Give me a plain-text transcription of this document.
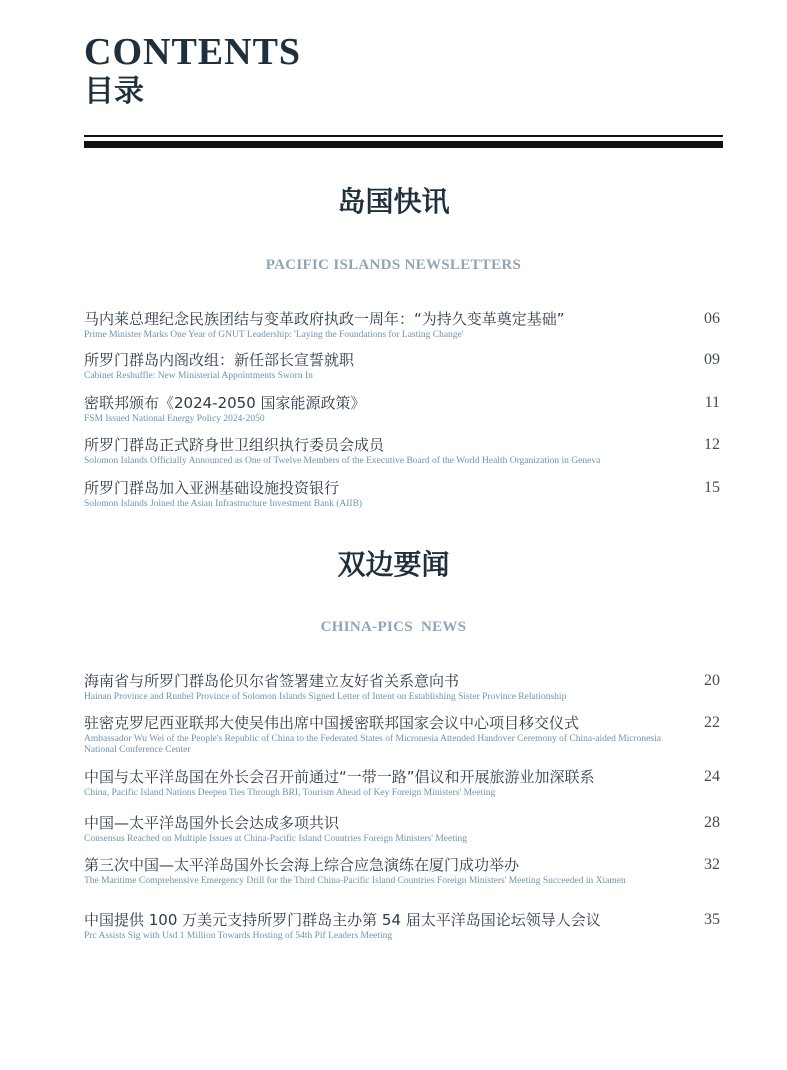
CONTENTS
目录
岛国快讯
PACIFIC ISLANDS NEWSLETTERS
马内莱总理纪念民族团结与变革政府执政一周年：“为持久变革奠定基础”
Prime Minister Marks One Year of GNUT Leadership: 'Laying the Foundations for Lasting Change'
06
所罗门群岛内阁改组：新任部长宣誓就职
Cabinet Reshuffle: New Ministerial Appointments Sworn In
09
密联邦颁布《2024-2050 国家能源政策》
FSM Issued National Energy Policy 2024-2050
11
所罗门群岛正式跻身世卫组织执行委员会成员
Solomon Islands Officially Announced as One of Twelve Members of the Executive Board of the World Health Organization in Geneva
12
所罗门群岛加入亚洲基础设施投资银行
Solomon Islands Joined the Asian Infrastructure Investment Bank (AIIB)
15
双边要闻
CHINA-PICS  NEWS
海南省与所罗门群岛伦贝尔省签署建立友好省关系意向书
Hainan Province and Runbel Province of Solomon Islands Signed Letter of Intent on Establishing Sister Province Relationship
20
驻密克罗尼西亚联邦大使吴伟出席中国援密联邦国家会议中心项目移交仪式
Ambassador Wu Wei of the People's Republic of China to the Federated States of Micronesia Attended Handover Ceremony of China-aided Micronesia National Conference Center
22
中国与太平洋岛国在外长会召开前通过“一带一路”倡议和开展旅游业加深联系
China, Pacific Island Nations Deepen Ties Through BRI, Tourism Ahead of Key Foreign Ministers' Meeting
24
中国—太平洋岛国外长会达成多项共识
Consensus Reached on Multiple Issues at China-Pacific Island Countries Foreign Ministers' Meeting
28
第三次中国—太平洋岛国外长会海上综合应急演练在厦门成功举办
The Maritime Comprehensive Emergency Drill for the Third China-Pacific Island Countries Foreign Ministers' Meeting Succeeded in Xiamen
32
中国提供 100 万美元支持所罗门群岛主办第 54 届太平洋岛国论坛领导人会议
Prc Assists Sig with Usd 1 Million Towards Hosting of 54th Pif Leaders Meeting
35
